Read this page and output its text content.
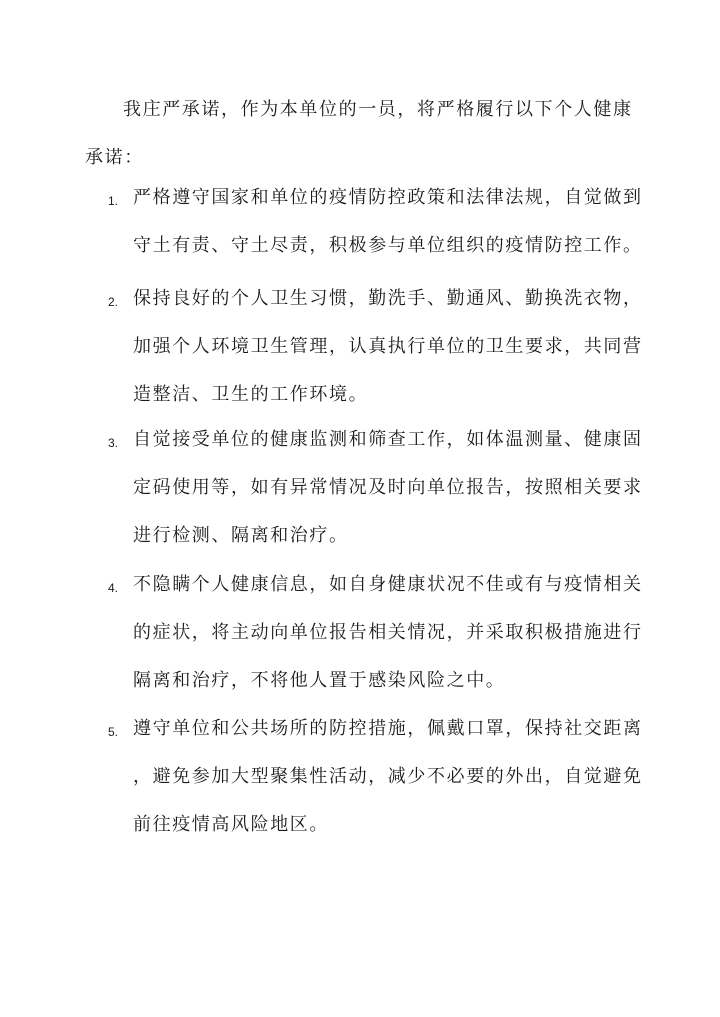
我庄严承诺，作为本单位的一员，将严格履行以下个人健康承诺：

1. 严格遵守国家和单位的疫情防控政策和法律法规，自觉做到
守土有责、守土尽责，积极参与单位组织的疫情防控工作。
2. 保持良好的个人卫生习惯，勤洗手、勤通风、勤换洗衣物，
加强个人环境卫生管理，认真执行单位的卫生要求，共同营
造整洁、卫生的工作环境。
3. 自觉接受单位的健康监测和筛查工作，如体温测量、健康固
定码使用等，如有异常情况及时向单位报告，按照相关要求
进行检测、隔离和治疗。
4. 不隐瞒个人健康信息，如自身健康状况不佳或有与疫情相关
的症状，将主动向单位报告相关情况，并采取积极措施进行
隔离和治疗，不将他人置于感染风险之中。
5. 遵守单位和公共场所的防控措施，佩戴口罩，保持社交距离
，避免参加大型聚集性活动，减少不必要的外出，自觉避免
前往疫情高风险地区。
